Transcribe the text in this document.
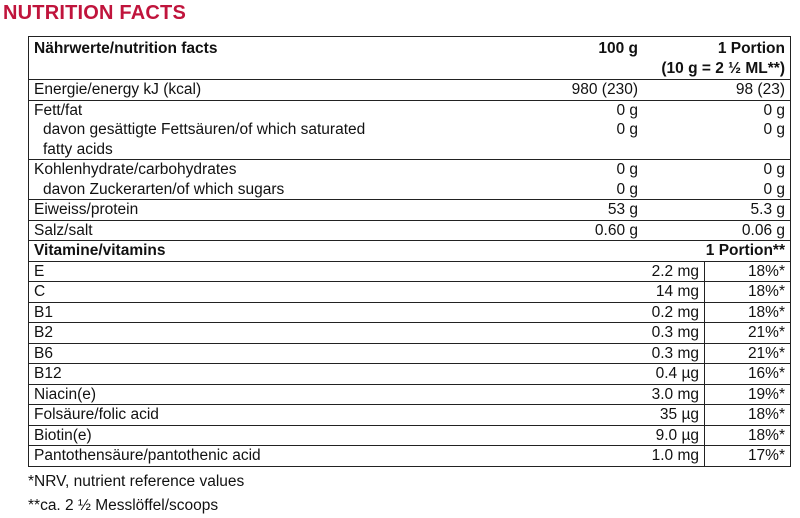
NUTRITION FACTS
Nährwerte/nutrition facts	100 g	1 Portion
(10 g = 2 ½ ML**)

Energie/energy kJ (kcal)	980 (230)	98 (23)
Fett/fat	0 g	0 g

davon gesättigte Fettsäuren/of which saturated
fatty acids	0 g	0 g
Kohlenhydrate/carbohydrates	0 g	0 g
davon Zuckerarten/of which sugars	0 g	0 g
Eiweiss/protein	53 g	5.3 g
Salz/salt	0.60 g	0.06 g
Vitamine/vitamins		1 Portion**
E	2.2 mg	18%*
C	14 mg	18%*
B1	0.2 mg	18%*
B2	0.3 mg	21%*
B6	0.3 mg	21%*
B12	0.4 µg	16%*
Niacin(e)	3.0 mg	19%*
Folsäure/folic acid	35 µg	18%*
Biotin(e)	9.0 µg	18%*
Pantothensäure/pantothenic acid	1.0 mg	17%*
*NRV, nutrient reference values
**ca. 2 ½ Messlöffel/scoops
